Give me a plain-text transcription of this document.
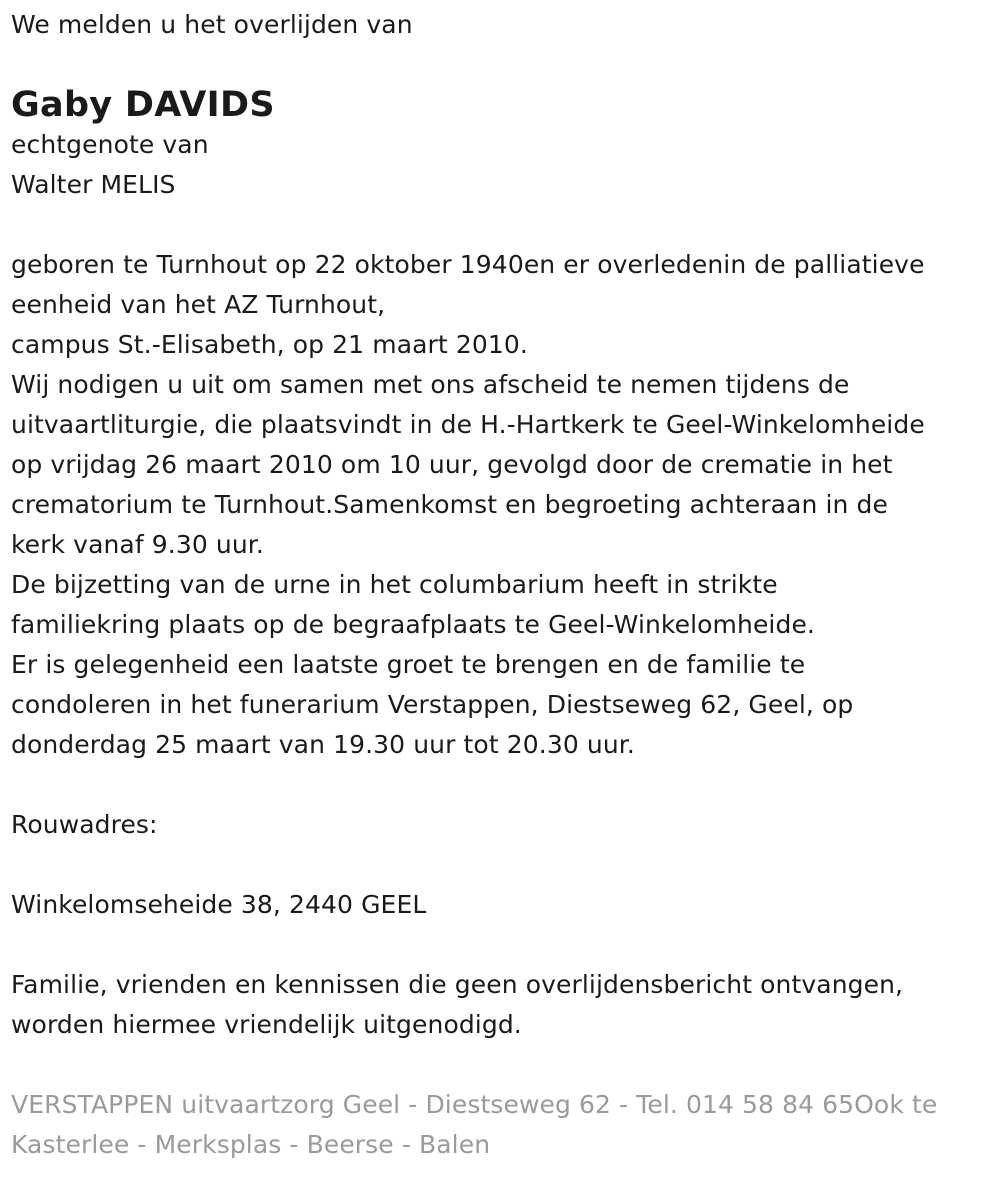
We melden u het overlijden van
Gaby DAVIDS
echtgenote van
Walter MELIS
geboren te Turnhout op 22 oktober 1940en er overledenin de palliatieve
eenheid van het AZ Turnhout,
campus St.-Elisabeth, op 21 maart 2010.
Wij nodigen u uit om samen met ons afscheid te nemen tijdens de
uitvaartliturgie, die plaatsvindt in de H.-Hartkerk te Geel-Winkelomheide
op vrijdag 26 maart 2010 om 10 uur, gevolgd door de crematie in het
crematorium te Turnhout.Samenkomst en begroeting achteraan in de
kerk vanaf 9.30 uur.
De bijzetting van de urne in het columbarium heeft in strikte
familiekring plaats op de begraafplaats te Geel-Winkelomheide.
Er is gelegenheid een laatste groet te brengen en de familie te
condoleren in het funerarium Verstappen, Diestseweg 62, Geel, op
donderdag 25 maart van 19.30 uur tot 20.30 uur.
Rouwadres:
Winkelomseheide 38, 2440 GEEL
Familie, vrienden en kennissen die geen overlijdensbericht ontvangen,
worden hiermee vriendelijk uitgenodigd.
VERSTAPPEN uitvaartzorg Geel - Diestseweg 62 - Tel. 014 58 84 65Ook te
Kasterlee - Merksplas - Beerse - Balen
